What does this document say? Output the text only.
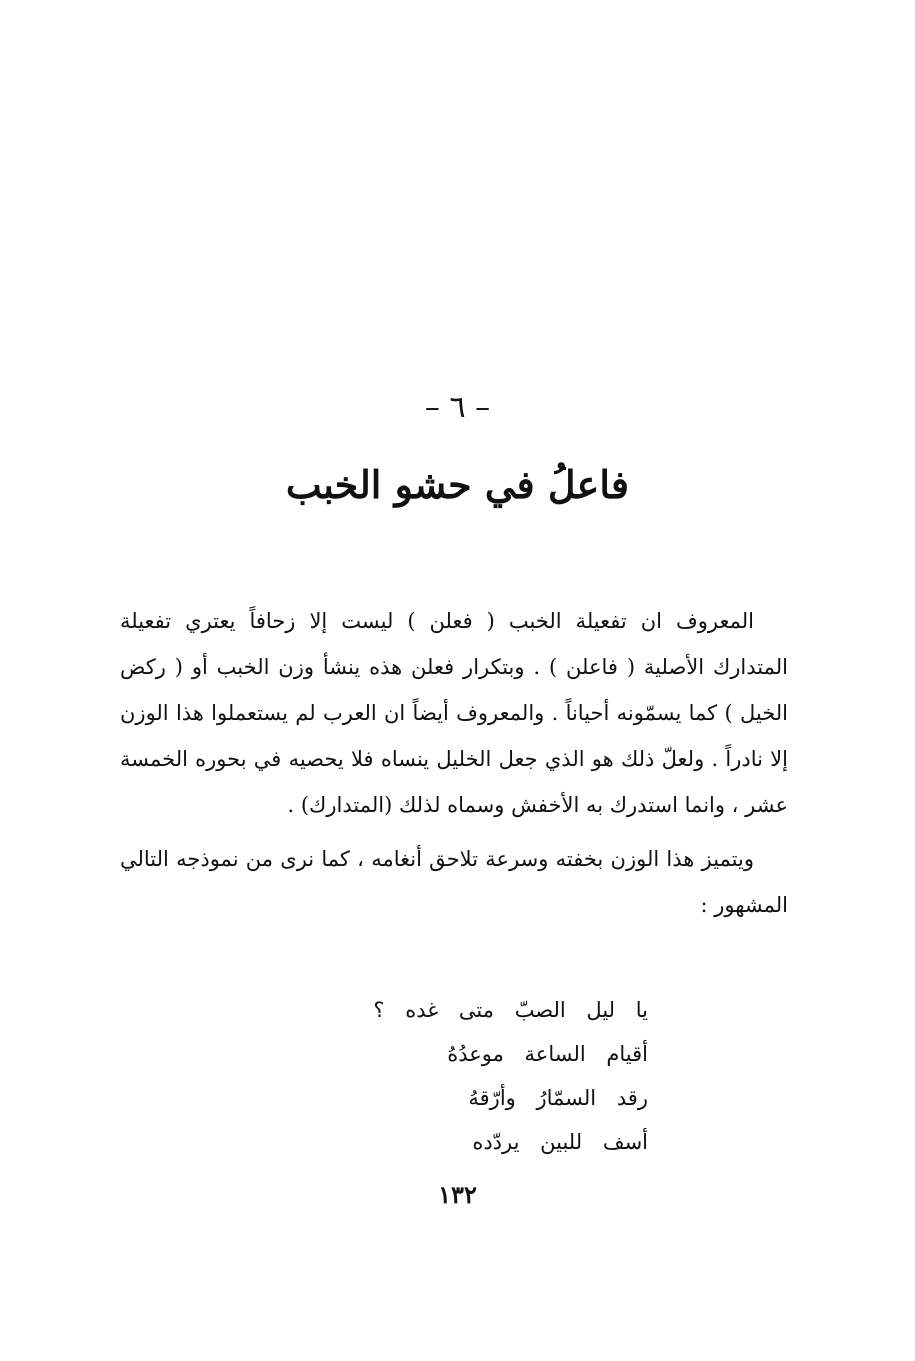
– ٦ –
فاعلُ في حشو الخبب

المعروف ان تفعيلة الخبب ( فعلن ) ليست إلا زحافاً يعتري تفعيلة المتدارك الأصلية ( فاعلن ) . وبتكرار فعلن هذه ينشأ وزن الخبب أو ( ركض الخيل ) كما يسمّونه أحياناً . والمعروف أيضاً ان العرب لم يستعملوا هذا الوزن إلا نادراً . ولعلّ ذلك هو الذي جعل الخليل ينساه فلا يحصيه في بحوره الخمسة عشر ، وانما استدرك به الأخفش وسماه لذلك (المتدارك) .

ويتميز هذا الوزن بخفته وسرعة تلاحق أنغامه ، كما نرى من نموذجه التالي المشهور :

يا ليل الصبّ متى غده ؟
أقيام الساعة موعدُهُ
رقد السمّارُ وأرّقهُ
أسف للبين يردّده
١٣٢
